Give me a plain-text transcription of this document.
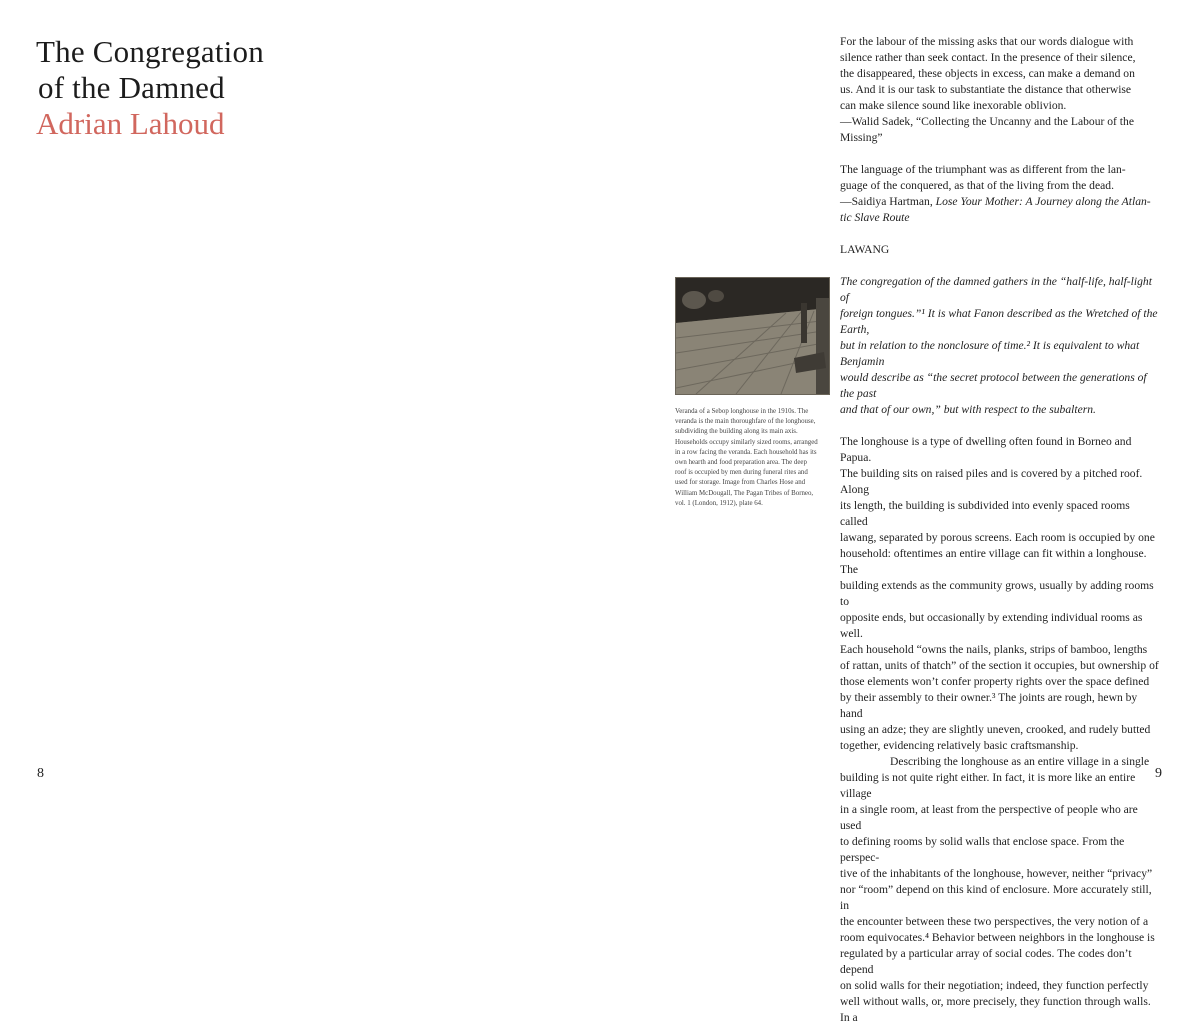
The Congregation
of the Damned
Adrian Lahoud
8
Veranda of a Sebop longhouse in the 1910s. The
veranda is the main thoroughfare of the longhouse,
subdividing the building along its main axis.
Households occupy similarly sized rooms, arranged
in a row facing the veranda. Each household has its
own hearth and food preparation area. The deep
roof is occupied by men during funeral rites and
used for storage. Image from Charles Hose and
William McDougall, The Pagan Tribes of Borneo,
vol. 1 (London, 1912), plate 64.

For the labour of the missing asks that our words dialogue with

silence rather than seek contact. In the presence of their silence,

the disappeared, these objects in excess, can make a demand on

us. And it is our task to substantiate the distance that otherwise

can make silence sound like inexorable oblivion.

—Walid Sadek, “Collecting the Uncanny and the Labour of the

Missing”

The language of the triumphant was as different from the lan-

guage of the conquered, as that of the living from the dead.

—Saidiya Hartman, Lose Your Mother: A Journey along the Atlan-

tic Slave Route

LAWANG

The congregation of the damned gathers in the “half-life, half-light of

foreign tongues.”¹ It is what Fanon described as the Wretched of the Earth,

but in relation to the nonclosure of time.² It is equivalent to what Benjamin

would describe as “the secret protocol between the generations of the past

and that of our own,” but with respect to the subaltern.

The longhouse is a type of dwelling often found in Borneo and Papua.

The building sits on raised piles and is covered by a pitched roof. Along

its length, the building is subdivided into evenly spaced rooms called

lawang, separated by porous screens. Each room is occupied by one

household: oftentimes an entire village can fit within a longhouse. The

building extends as the community grows, usually by adding rooms to

opposite ends, but occasionally by extending individual rooms as well.

Each household “owns the nails, planks, strips of bamboo, lengths

of rattan, units of thatch” of the section it occupies, but ownership of

those elements won’t confer property rights over the space defined

by their assembly to their owner.³ The joints are rough, hewn by hand

using an adze; they are slightly uneven, crooked, and rudely butted

together, evidencing relatively basic craftsmanship.

Describing the longhouse as an entire village in a single

building is not quite right either. In fact, it is more like an entire village

in a single room, at least from the perspective of people who are used

to defining rooms by solid walls that enclose space. From the perspec-

tive of the inhabitants of the longhouse, however, neither “privacy”

nor “room” depend on this kind of enclosure. More accurately still, in

the encounter between these two perspectives, the very notion of a

room equivocates.⁴ Behavior between neighbors in the longhouse is

regulated by a particular array of social codes. The codes don’t depend

on solid walls for their negotiation; indeed, they function perfectly

well without walls, or, more precisely, they function through walls. In a

9
